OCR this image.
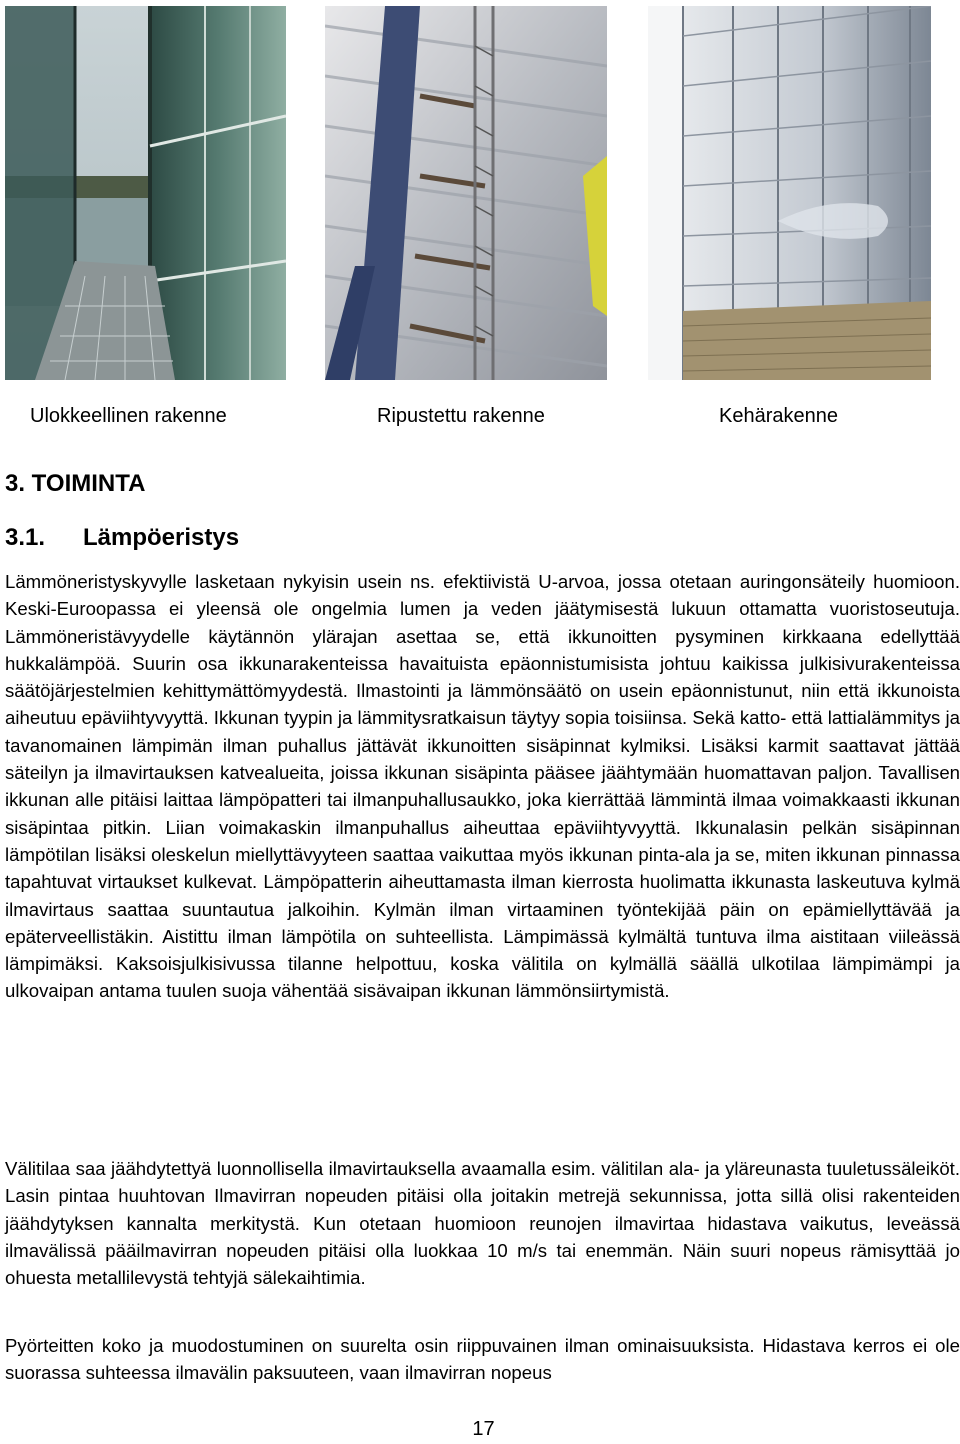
Ulokkeellinen rakenne	Ripustettu rakenne	Kehärakenne
3. TOIMINTA
3.1. Lämpöeristys

Lämmöneristyskyvylle lasketaan nykyisin usein ns. efektiivistä U-arvoa, jossa otetaan auringonsäteily huomioon. Keski-Euroopassa ei yleensä ole ongelmia lumen ja veden jäätymisestä lukuun ottamatta vuoristoseutuja. Lämmöneristävyydelle käytännön ylärajan asettaa se, että ikkunoitten pysyminen kirkkaana edellyttää hukkalämpöä. Suurin osa ikkunarakenteissa havaituista epäonnistumisista johtuu kaikissa julkisivurakenteissa säätöjärjestelmien kehittymättömyydestä. Ilmastointi ja lämmönsäätö on usein epäonnistunut, niin että ikkunoista aiheutuu epäviihtyvyyttä. Ikkunan tyypin ja lämmitysratkaisun täytyy sopia toisiinsa. Sekä katto- että lattialämmitys ja tavanomainen lämpimän ilman puhallus jättävät ikkunoitten sisäpinnat kylmiksi. Lisäksi karmit saattavat jättää säteilyn ja ilmavirtauksen katvealueita, joissa ikkunan sisäpinta pääsee jäähtymään huomattavan paljon. Tavallisen ikkunan alle pitäisi laittaa lämpöpatteri tai ilmanpuhallusaukko, joka kierrättää lämmintä ilmaa voimakkaasti ikkunan sisäpintaa pitkin. Liian voimakaskin ilmanpuhallus aiheuttaa epäviihtyvyyttä. Ikkunalasin pelkän sisäpinnan lämpötilan lisäksi oleskelun miellyttävyyteen saattaa vaikuttaa myös ikkunan pinta-ala ja se, miten ikkunan pinnassa tapahtuvat virtaukset kulkevat. Lämpöpatterin aiheuttamasta ilman kierrosta huolimatta ikkunasta laskeutuva kylmä ilmavirtaus saattaa suuntautua jalkoihin. Kylmän ilman virtaaminen työntekijää päin on epämiellyttävää ja epäterveellistäkin. Aistittu ilman lämpötila on suhteellista. Lämpimässä kylmältä tuntuva ilma aistitaan viileässä lämpimäksi. Kaksoisjulkisivussa tilanne helpottuu, koska välitila on kylmällä säällä ulkotilaa lämpimämpi ja ulkovaipan antama tuulen suoja vähentää sisävaipan ikkunan lämmönsiirtymistä.

Välitilaa saa jäähdytettyä luonnollisella ilmavirtauksella avaamalla esim. välitilan ala- ja yläreunasta tuuletussäleiköt. Lasin pintaa huuhtovan Ilmavirran nopeuden pitäisi olla joitakin metrejä sekunnissa, jotta sillä olisi rakenteiden jäähdytyksen kannalta merkitystä. Kun otetaan huomioon reunojen ilmavirtaa hidastava vaikutus, leveässä ilmavälissä pääilmavirran nopeuden pitäisi olla luokkaa 10 m/s tai enemmän. Näin suuri nopeus rämisyttää jo ohuesta metallilevystä tehtyjä sälekaihtimia.

Pyörteitten koko ja muodostuminen on suurelta osin riippuvainen ilman ominaisuuksista. Hidastava kerros ei ole suorassa suhteessa ilmavälin paksuuteen, vaan ilmavirran nopeus

17
